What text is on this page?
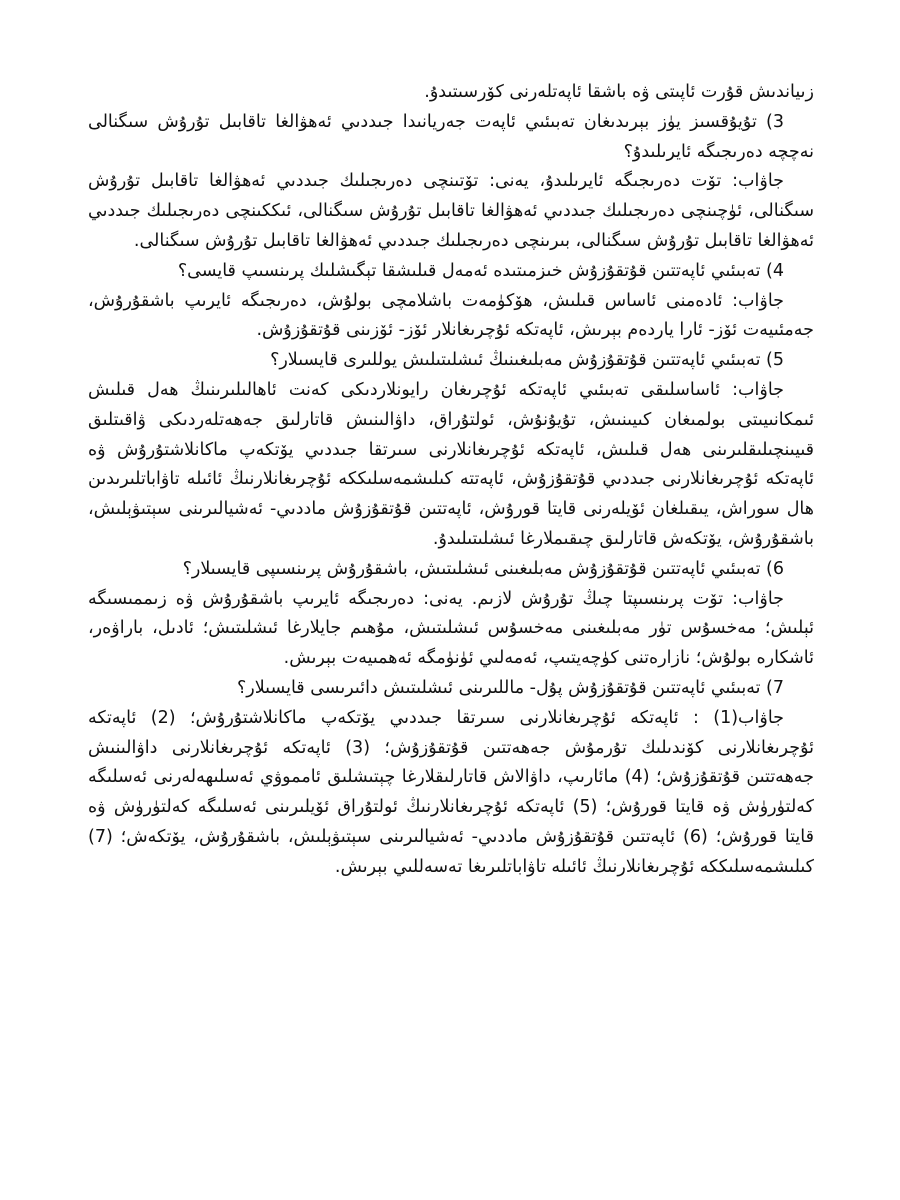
زىياندىش قۇرت ئاپىتى ۋە باشقا ئاپەتلەرنى كۆرسىتىدۇ.

3) تۇيۇقسىز يۈز بېرىدىغان تەبىئىي ئاپەت جەريانىدا جىددىي ئەھۋالغا تاقابىل تۇرۇش سىگنالى نەچچە دەرىجىگە ئايرىلىدۇ؟

جاۋاب: تۆت دەرىجىگە ئايرىلىدۇ، يەنى: تۆتىنچى دەرىجىلىك جىددىي ئەھۋالغا تاقابىل تۇرۇش سىگنالى، ئۈچىنچى دەرىجىلىك جىددىي ئەھۋالغا تاقابىل تۇرۇش سىگنالى، ئىككىنچى دەرىجىلىك جىددىي ئەھۋالغا تاقابىل تۇرۇش سىگنالى، بىرىنچى دەرىجىلىك جىددىي ئەھۋالغا تاقابىل تۇرۇش سىگنالى.

4) تەبىئىي ئاپەتتىن قۇتقۇزۇش خىزمىتىدە ئەمەل قىلىشقا تېگىشلىك پرىنسىپ قايسى؟

جاۋاب: ئادەمنى ئاساس قىلىش، ھۆكۈمەت باشلامچى بولۇش، دەرىجىگە ئايرىپ باشقۇرۇش، جەمئىيەت ئۆز- ئارا ياردەم بېرىش، ئاپەتكە ئۇچرىغانلار ئۆز- ئۆزىنى قۇتقۇزۇش.

5) تەبىئىي ئاپەتتىن قۇتقۇزۇش مەبلىغىنىڭ ئىشلىتىلىش يوللىرى قايسىلار؟

جاۋاب: ئاساسلىقى تەبىئىي ئاپەتكە ئۇچرىغان رايونلاردىكى كەنت ئاھالىلىرىنىڭ ھەل قىلىش ئىمكانىيىتى بولمىغان كىيىنىش، تۇيۇنۇش، ئولتۇراق، داۋالىنىش قاتارلىق جەھەتلەردىكى ۋاقىتلىق قىيىنچىلىقلىرىنى ھەل قىلىش، ئاپەتكە ئۇچرىغانلارنى سىرتقا جىددىي يۆتكەپ ماكانلاشتۇرۇش ۋە ئاپەتكە ئۇچرىغانلارنى جىددىي قۇتقۇزۇش، ئاپەتتە كىلىشمەسلىككە ئۇچرىغانلارنىڭ ئائىلە تاۋاباتلىرىدىن ھال سوراش، يىقىلغان ئۆيلەرنى قايتا قورۇش، ئاپەتتىن قۇتقۇزۇش ماددىي- ئەشيالىرىنى سېتىۋېلىش، باشقۇرۇش، يۆتكەش قاتارلىق چىقىملارغا ئىشلىتىلىدۇ.

6) تەبىئىي ئاپەتتىن قۇتقۇزۇش مەبلىغىنى ئىشلىتىش، باشقۇرۇش پرىنسىپى قايسىلار؟

جاۋاب: تۆت پرىنسىپتا چىڭ تۇرۇش لازىم. يەنى: دەرىجىگە ئايرىپ باشقۇرۇش ۋە زىممىسىگە ئېلىش؛ مەخسۇس تۈر مەبلىغىنى مەخسۇس ئىشلىتىش، مۇھىم جايلارغا ئىشلىتىش؛ ئادىل، باراۋەر، ئاشكارە بولۇش؛ نازارەتنى كۈچەيتىپ، ئەمەلىي ئۈنۈمگە ئەھمىيەت بېرىش.

7) تەبىئىي ئاپەتتىن قۇتقۇزۇش پۇل- ماللىرىنى ئىشلىتىش دائىرىسى قايسىلار؟

جاۋاب(1) : ئاپەتكە ئۇچرىغانلارنى سىرتقا جىددىي يۆتكەپ ماكانلاشتۇرۇش؛ (2) ئاپەتكە ئۇچرىغانلارنى كۆندىلىك تۇرمۇش جەھەتتىن قۇتقۇزۇش؛ (3) ئاپەتكە ئۇچرىغانلارنى داۋالىنىش جەھەتتىن قۇتقۇزۇش؛ (4) مائارىپ، داۋالاش قاتارلىقلارغا چېتىشلىق ئامموۋي ئەسلىھەلەرنى ئەسلىگە كەلتۈرۈش ۋە قايتا قورۇش؛ (5) ئاپەتكە ئۇچرىغانلارنىڭ ئولتۇراق ئۆيلىرىنى ئەسلىگە كەلتۈرۈش ۋە قايتا قورۇش؛ (6) ئاپەتتىن قۇتقۇزۇش ماددىي- ئەشيالىرىنى سېتىۋېلىش، باشقۇرۇش، يۆتكەش؛ (7) كىلىشمەسلىككە ئۇچرىغانلارنىڭ ئائىلە تاۋاباتلىرىغا تەسەللىي بېرىش.
